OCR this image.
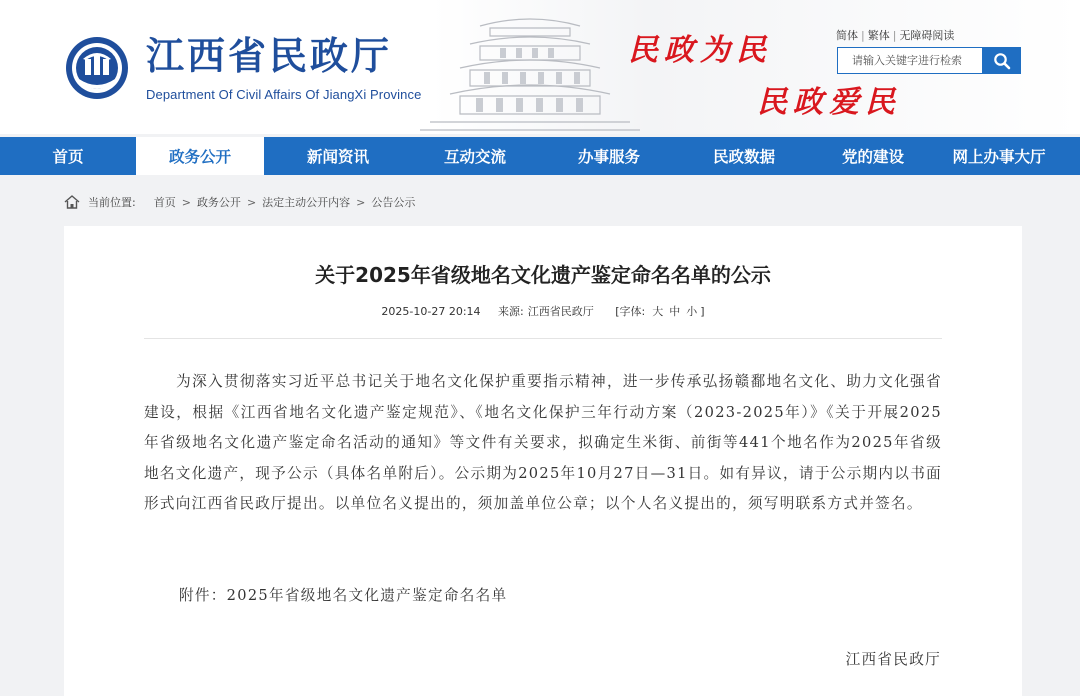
江西省民政厅
Department Of Civil Affairs Of JiangXi Province
民政为民
民政爱民
简体 | 繁体 | 无障碍阅读
请输入关键字进行检索
首页	政务公开	新闻资讯	互动交流	办事服务	民政数据	党的建设	网上办事大厅
当前位置: 首页 > 政务公开 > 法定主动公开内容 > 公告公示
关于2025年省级地名文化遗产鉴定命名名单的公示
2025-10-27 20:14 来源: 江西省民政厅 [字体: 大 中 小 ]
为深入贯彻落实习近平总书记关于地名文化保护重要指示精神，进一步传承弘扬赣鄱地名文化、助力文化强省建设，根据《江西省地名文化遗产鉴定规范》、《地名文化保护三年行动方案（2023-2025年）》《关于开展2025年省级地名文化遗产鉴定命名活动的通知》等文件有关要求，拟确定生米街、前街等441个地名作为2025年省级地名文化遗产，现予公示（具体名单附后）。公示期为2025年10月27日—31日。如有异议，请于公示期内以书面形式向江西省民政厅提出。以单位名义提出的，须加盖单位公章；以个人名义提出的，须写明联系方式并签名。
附件：2025年省级地名文化遗产鉴定命名名单
江西省民政厅
